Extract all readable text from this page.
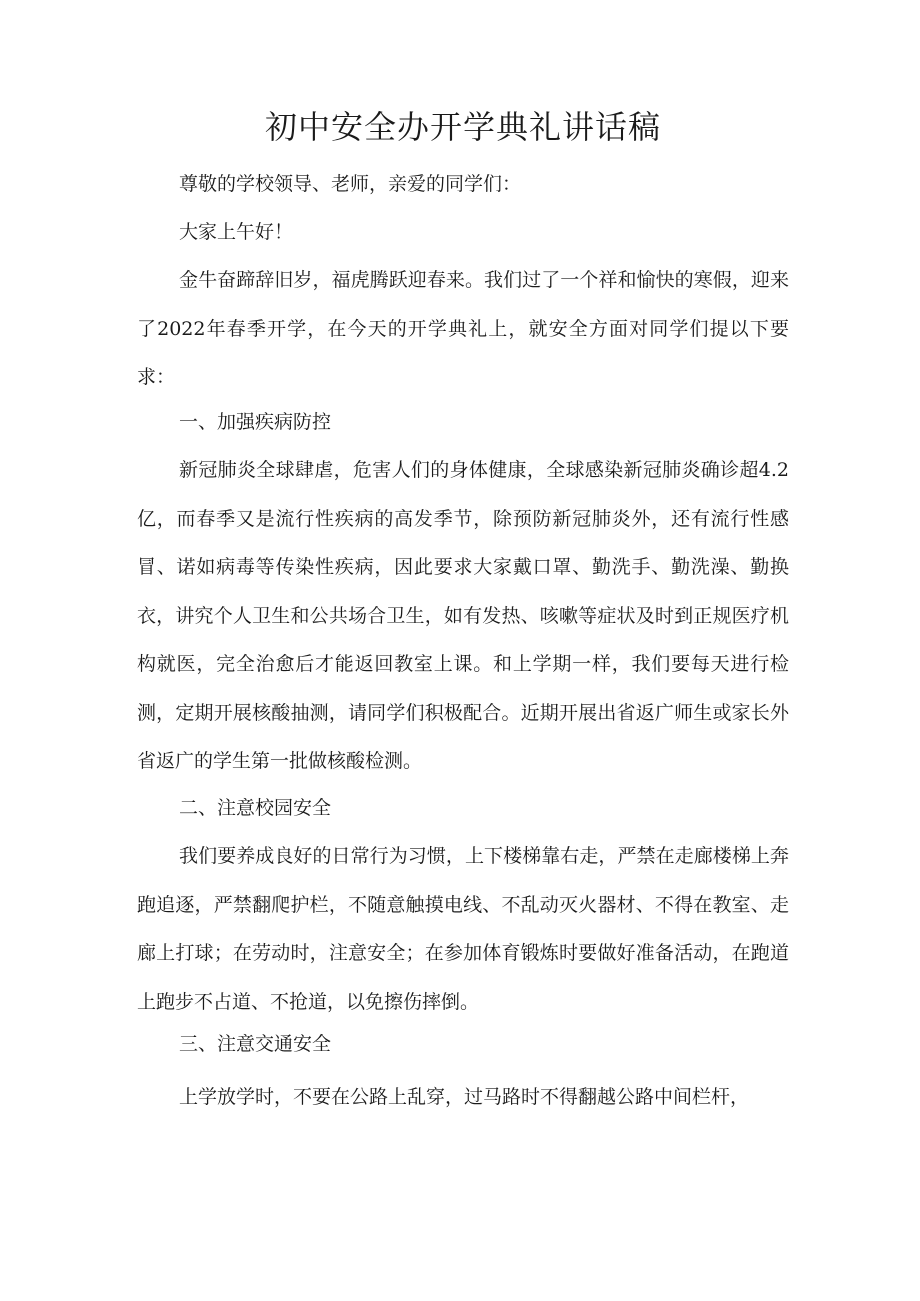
初中安全办开学典礼讲话稿

尊敬的学校领导、老师，亲爱的同学们：

大家上午好！

金牛奋蹄辞旧岁，福虎腾跃迎春来。我们过了一个祥和愉快的寒假，迎来了2022年春季开学，在今天的开学典礼上，就安全方面对同学们提以下要求：

一、加强疾病防控

新冠肺炎全球肆虐，危害人们的身体健康，全球感染新冠肺炎确诊超4.2亿，而春季又是流行性疾病的高发季节，除预防新冠肺炎外，还有流行性感冒、诺如病毒等传染性疾病，因此要求大家戴口罩、勤洗手、勤洗澡、勤换衣，讲究个人卫生和公共场合卫生，如有发热、咳嗽等症状及时到正规医疗机构就医，完全治愈后才能返回教室上课。和上学期一样，我们要每天进行检测，定期开展核酸抽测，请同学们积极配合。近期开展出省返广师生或家长外省返广的学生第一批做核酸检测。

二、注意校园安全

我们要养成良好的日常行为习惯，上下楼梯靠右走，严禁在走廊楼梯上奔跑追逐，严禁翻爬护栏，不随意触摸电线、不乱动灭火器材、不得在教室、走廊上打球；在劳动时，注意安全；在参加体育锻炼时要做好准备活动，在跑道上跑步不占道、不抢道，以免擦伤摔倒。

三、注意交通安全

上学放学时，不要在公路上乱穿，过马路时不得翻越公路中间栏杆，
